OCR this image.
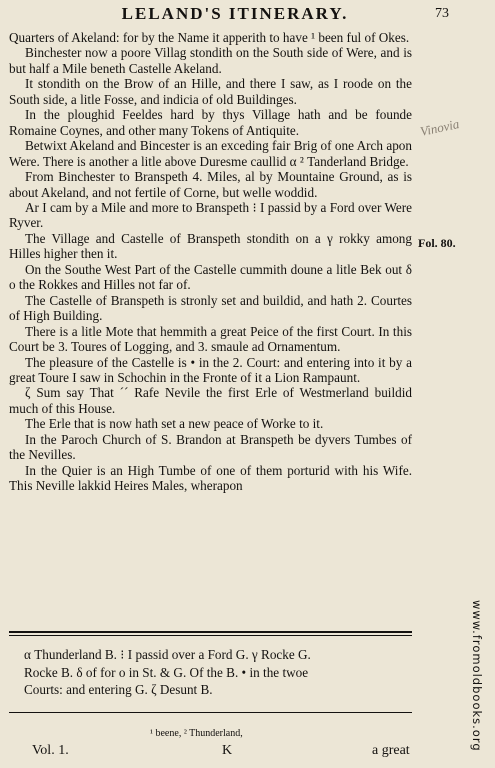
LELAND'S ITINERARY.	73

Quarters of Akeland: for by the Name it apperith to have ¹ been ful of Okes.

Binchester now a poore Villag stondith on the South side of Were, and is but half a Mile beneth Castelle Akeland.

It stondith on the Brow of an Hille, and there I saw, as I roode on the South side, a litle Fosse, and indicia of old Buildinges.

In the ploughid Feeldes hard by thys Village hath and be founde Romaine Coynes, and other many Tokens of Antiquite.

Betwixt Akeland and Bincester is an exceding fair Brig of one Arch apon Were. There is another a litle above Duresme caullid α ² Tanderland Bridge.

From Binchester to Branspeth 4. Miles, al by Mountaine Ground, as is about Akeland, and not fertile of Corne, but welle woddid.

Ar I cam by a Mile and more to Branspeth ⁝ I passid by a Ford over Were Ryver.

The Village and Castelle of Branspeth stondith on a γ rokky among Hilles higher then it.

On the Southe West Part of the Castelle cummith doune a litle Bek out δ o the Rokkes and Hilles not far of.

The Castelle of Branspeth is stronly set and buildid, and hath 2. Courtes of High Building.

There is a litle Mote that hemmith a great Peice of the first Court. In this Court be 3. Toures of Logging, and 3. smaule ad Ornamentum.

The pleasure of the Castelle is • in the 2. Court: and entering into it by a great Toure I saw in Schochin in the Fronte of it a Lion Rampaunt.

ζ Sum say That ´´ Rafe Nevile the first Erle of Westmerland buildid much of this House.

The Erle that is now hath set a new peace of Worke to it.

In the Paroch Church of S. Brandon at Branspeth be dyvers Tumbes of the Nevilles.

In the Quier is an High Tumbe of one of them porturid with his Wife. This Neville lakkid Heires Males, wherapon

Vinovia
Fol. 80.
α Thunderland B. ⁝ I passid over a Ford G. γ Rocke G.
Rocke B. δ of for o in St. & G. Of the B. • in the twoe
Courts: and entering G. ζ Desunt B.
¹ beene, ² Thunderland,
Vol. 1.	K	a great	www.fromoldbooks.org
